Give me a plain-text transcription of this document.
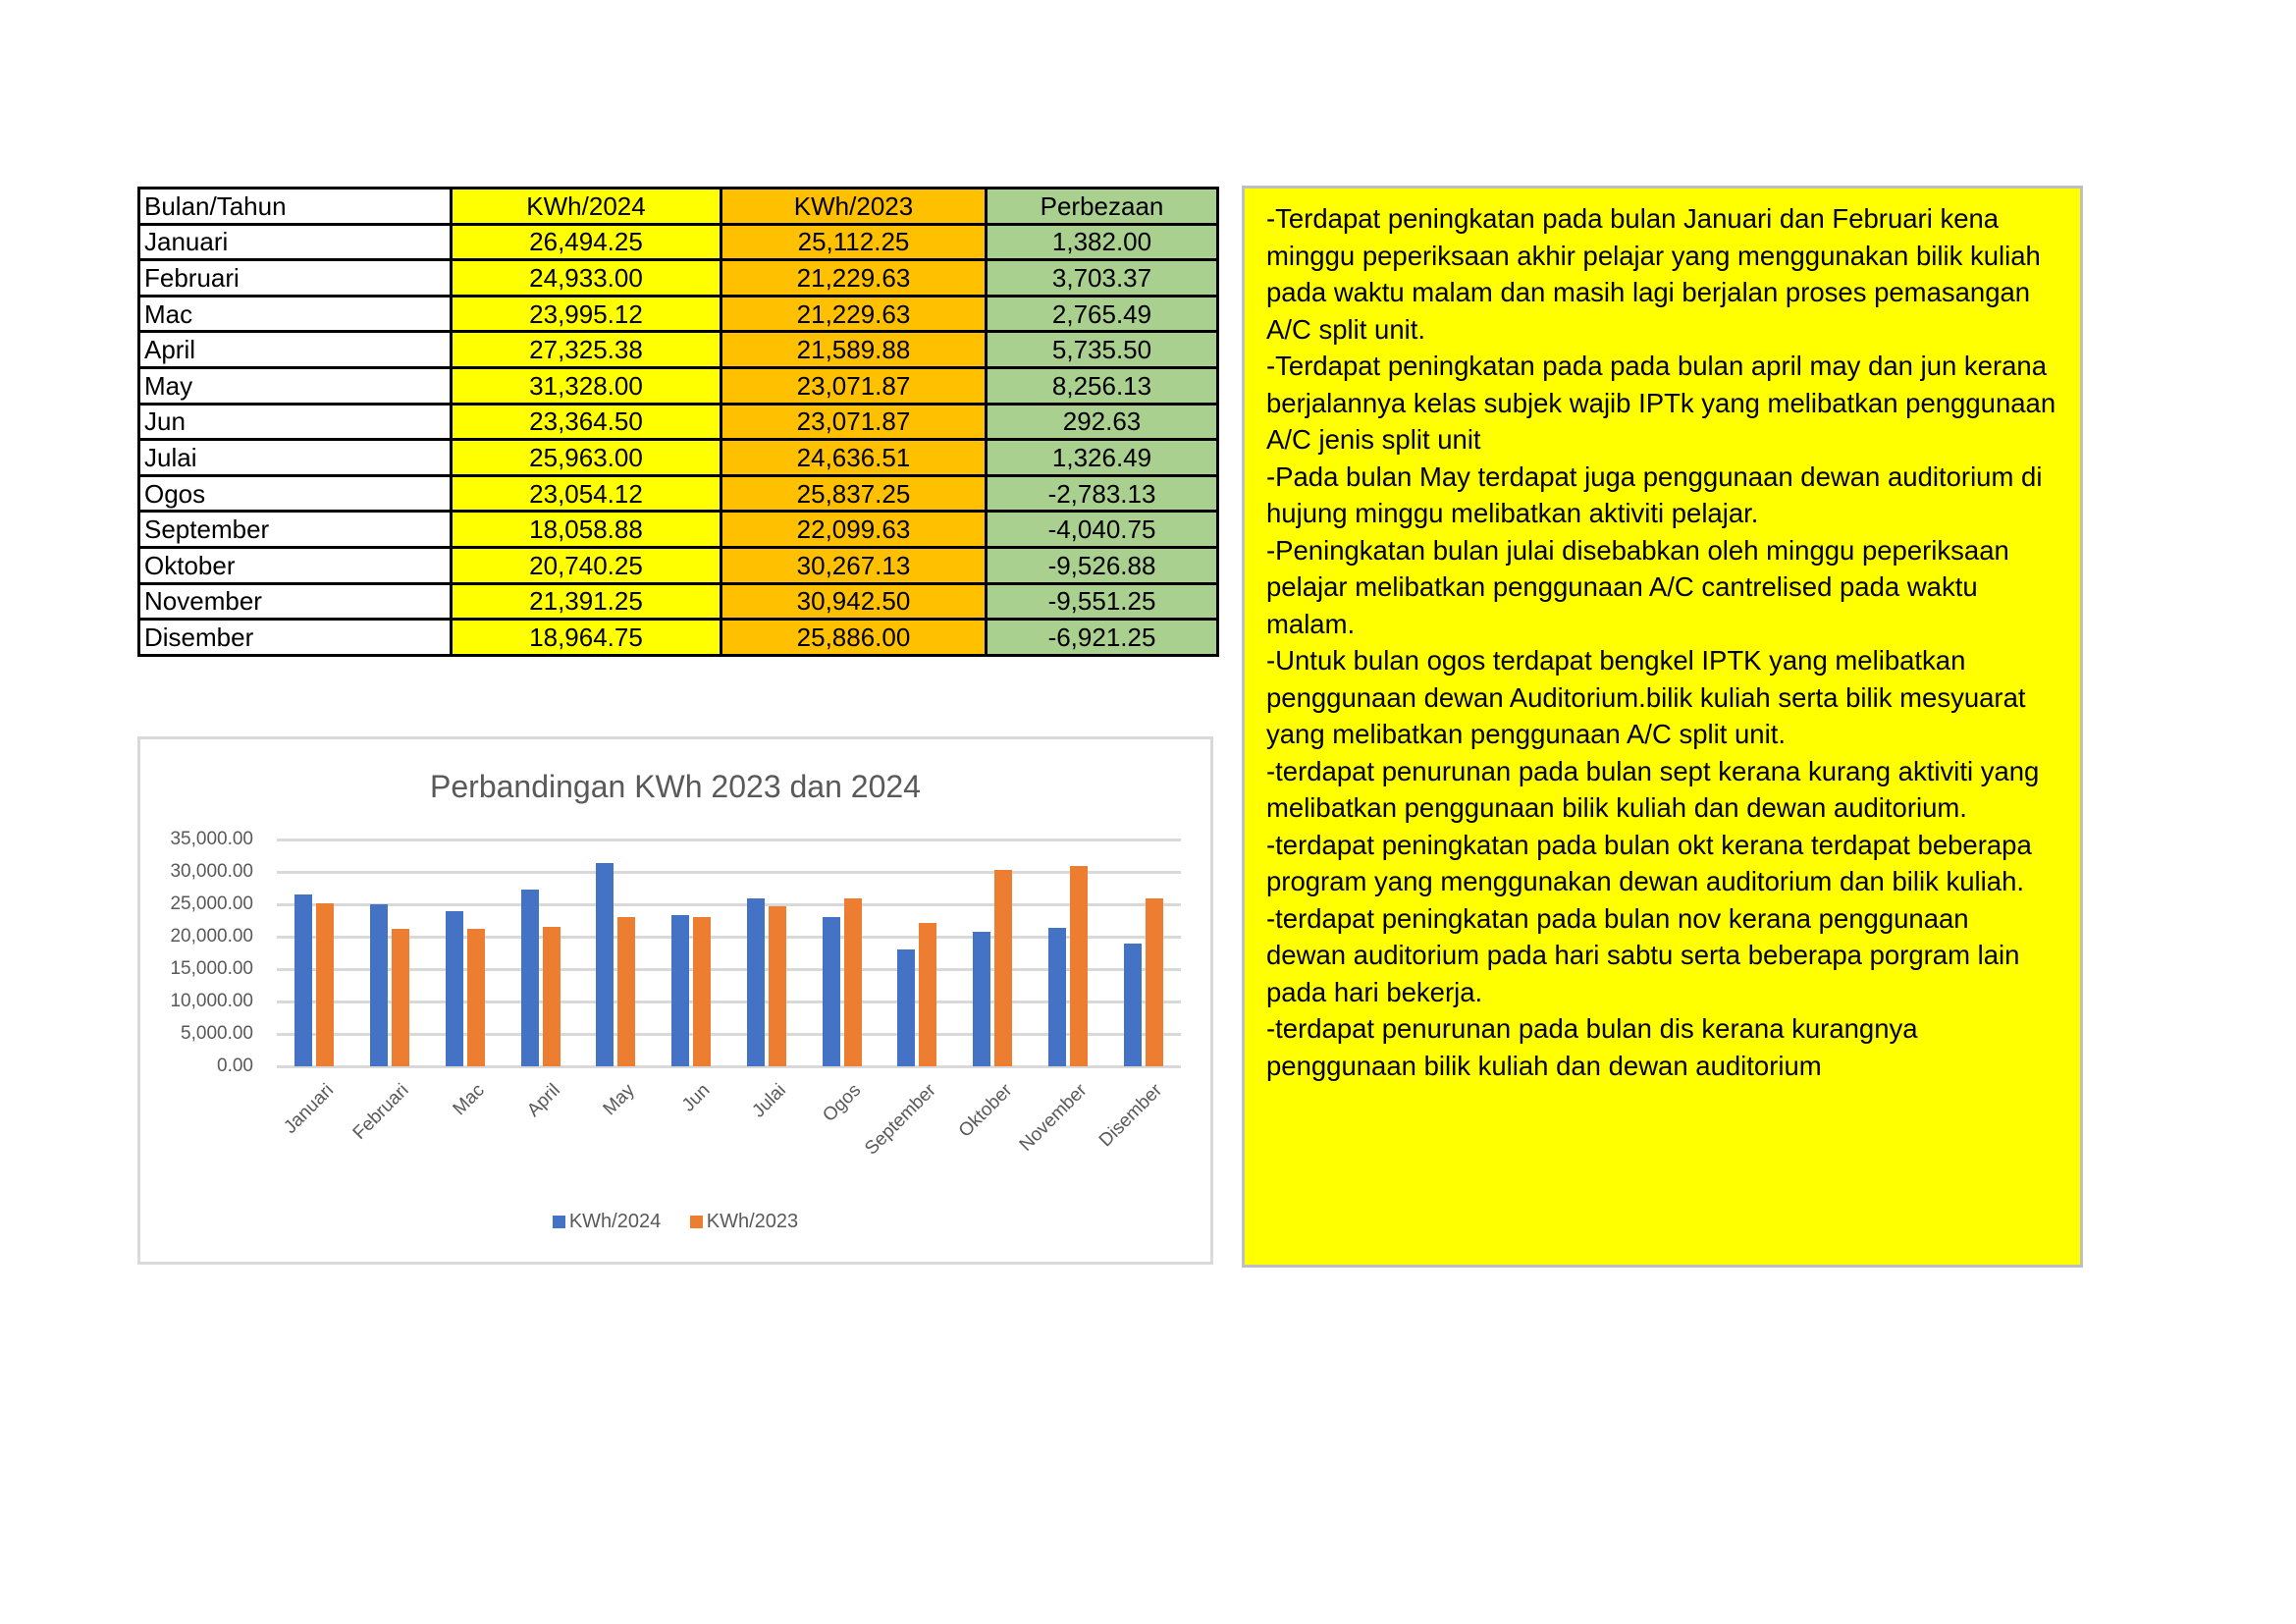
Bulan/Tahun	KWh/2024	KWh/2023	Perbezaan
Januari	26,494.25	25,112.25	1,382.00
Februari	24,933.00	21,229.63	3,703.37
Mac	23,995.12	21,229.63	2,765.49
April	27,325.38	21,589.88	5,735.50
May	31,328.00	23,071.87	8,256.13
Jun	23,364.50	23,071.87	292.63
Julai	25,963.00	24,636.51	1,326.49
Ogos	23,054.12	25,837.25	-2,783.13
September	18,058.88	22,099.63	-4,040.75
Oktober	20,740.25	30,267.13	-9,526.88
November	21,391.25	30,942.50	-9,551.25
Disember	18,964.75	25,886.00	-6,921.25
Perbandingan KWh 2023 dan 2024
0.00
5,000.00
10,000.00
15,000.00
20,000.00
25,000.00
30,000.00
35,000.00
Januari Februari Mac April May Jun Julai Ogos
September Oktober November Disember
KWh/2024
KWh/2023
-Terdapat peningkatan pada bulan Januari dan Februari kena
minggu peperiksaan akhir pelajar yang menggunakan bilik kuliah
pada waktu malam dan masih lagi berjalan proses pemasangan
A/C split unit.
-Terdapat peningkatan pada pada bulan april may dan jun kerana
berjalannya kelas subjek wajib IPTk yang melibatkan penggunaan
A/C jenis split unit
-Pada bulan May terdapat juga penggunaan dewan auditorium di
hujung minggu melibatkan aktiviti pelajar.
-Peningkatan bulan julai disebabkan oleh minggu peperiksaan
pelajar melibatkan penggunaan A/C cantrelised pada waktu
malam.
-Untuk bulan ogos terdapat bengkel IPTK yang melibatkan
penggunaan dewan Auditorium.bilik kuliah serta bilik mesyuarat
yang melibatkan penggunaan A/C split unit.
-terdapat penurunan pada bulan sept kerana kurang aktiviti yang
melibatkan penggunaan bilik kuliah dan dewan auditorium.
-terdapat peningkatan pada bulan okt kerana terdapat beberapa
program yang menggunakan dewan auditorium dan bilik kuliah.
-terdapat peningkatan pada bulan nov kerana penggunaan
dewan auditorium pada hari sabtu serta beberapa porgram lain
pada hari bekerja.
-terdapat penurunan pada bulan dis kerana kurangnya
penggunaan bilik kuliah dan dewan auditorium
